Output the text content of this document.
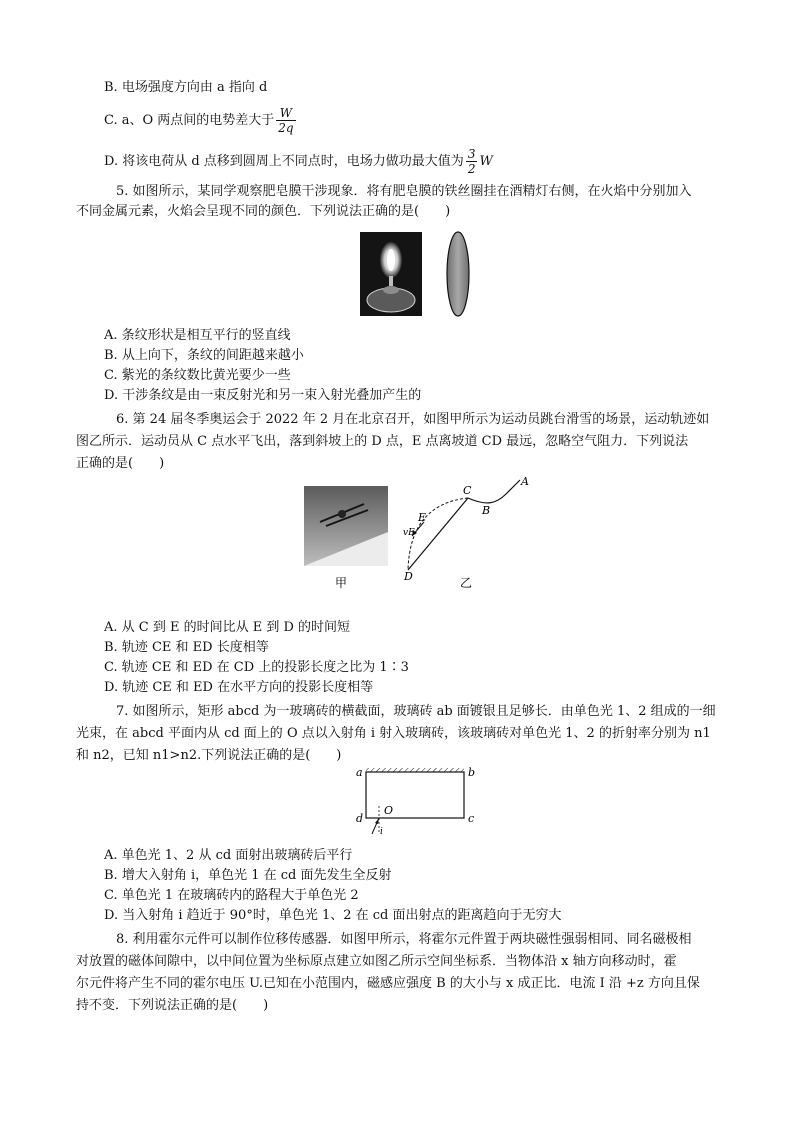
B. 电场强度方向由 a 指向 d
C. a、O 两点间的电势差大于 $\frac{W}{2q}$
D. 将该电荷从 d 点移到圆周上不同点时，电场力做功最大值为 $\frac{3}{2}$ W
5. 如图所示，某同学观察肥皂膜干涉现象．将有肥皂膜的铁丝圈挂在酒精灯右侧，在火焰中分别加入
不同金属元素，火焰会呈现不同的颜色．下列说法正确的是(　　)
A. 条纹形状是相互平行的竖直线
B. 从上向下，条纹的间距越来越小
C. 紫光的条纹数比黄光要少一些
D. 干涉条纹是由一束反射光和另一束入射光叠加产生的
6. 第 24 届冬季奥运会于 2022 年 2 月在北京召开，如图甲所示为运动员跳台滑雪的场景，运动轨迹如
图乙所示．运动员从 C 点水平飞出，落到斜坡上的 D 点，E 点离坡道 CD 最远，忽略空气阻力．下列说法
正确的是(　　)
甲
A
B
C
D
E
vE
乙
A. 从 C 到 E 的时间比从 E 到 D 的时间短
B. 轨迹 CE 和 ED 长度相等
C. 轨迹 CE 和 ED 在 CD 上的投影长度之比为 1∶3
D. 轨迹 CE 和 ED 在水平方向的投影长度相等
7. 如图所示，矩形 abcd 为一玻璃砖的横截面，玻璃砖 ab 面镀银且足够长．由单色光 1、2 组成的一细
光束，在 abcd 平面内从 cd 面上的 O 点以入射角 i 射入玻璃砖，该玻璃砖对单色光 1、2 的折射率分别为 n1
和 n2，已知 n1>n2.下列说法正确的是(　　)
a	b
c
d
O
i
A. 单色光 1、2 从 cd 面射出玻璃砖后平行
B. 增大入射角 i，单色光 1 在 cd 面先发生全反射
C. 单色光 1 在玻璃砖内的路程大于单色光 2
D. 当入射角 i 趋近于 90°时，单色光 1、2 在 cd 面出射点的距离趋向于无穷大
8. 利用霍尔元件可以制作位移传感器．如图甲所示，将霍尔元件置于两块磁性强弱相同、同名磁极相
对放置的磁体间隙中，以中间位置为坐标原点建立如图乙所示空间坐标系．当物体沿 x 轴方向移动时，霍
尔元件将产生不同的霍尔电压 U.已知在小范围内，磁感应强度 B 的大小与 x 成正比．电流 I 沿 +z 方向且保
持不变．下列说法正确的是(　　)
